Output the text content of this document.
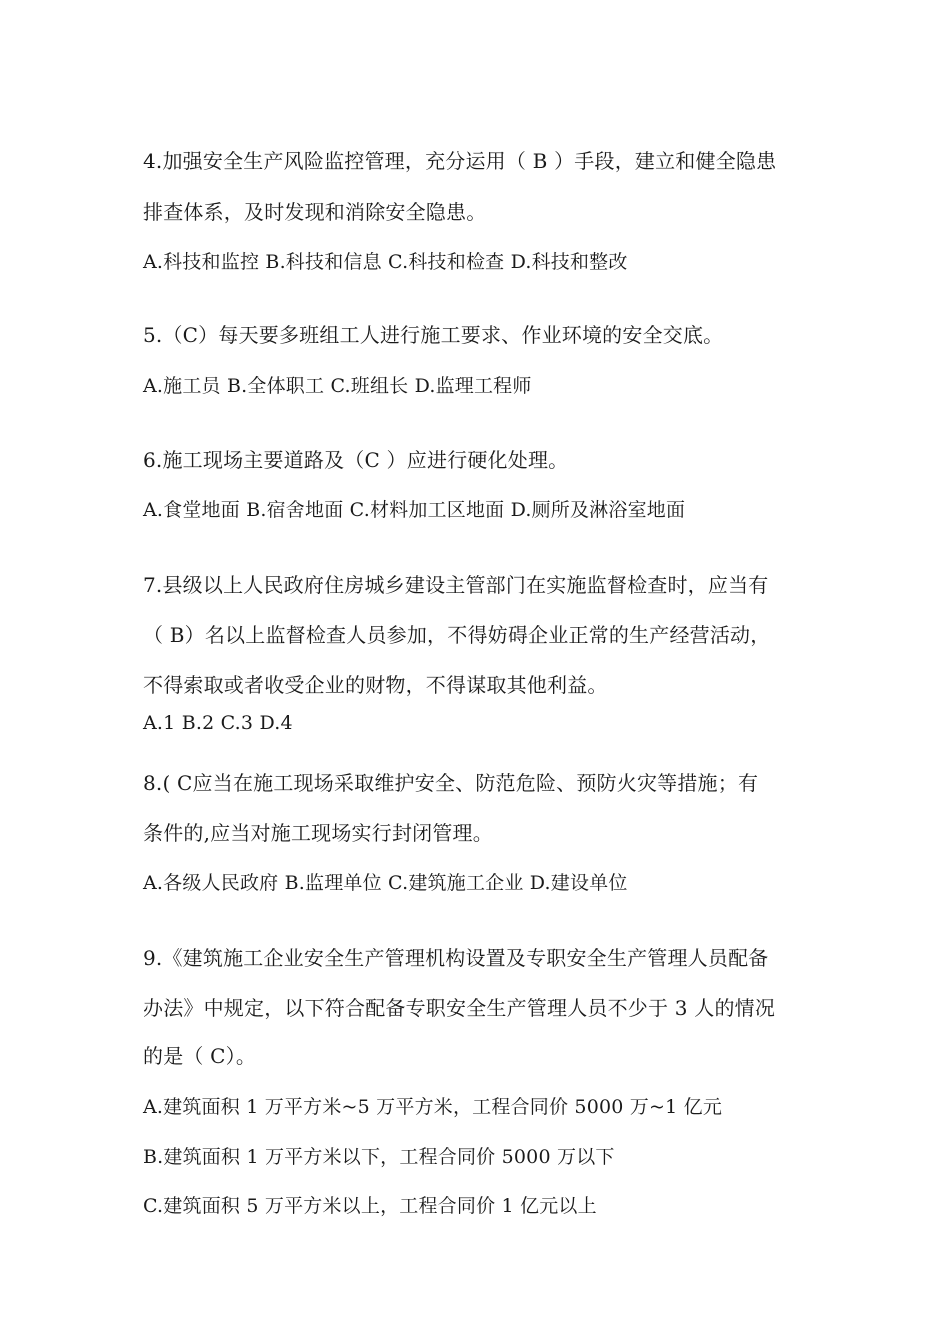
4.加强安全生产风险监控管理，充分运用（ B ）手段，建立和健全隐患
排查体系，及时发现和消除安全隐患。
A.科技和监控 B.科技和信息 C.科技和检查 D.科技和整改
5.（C）每天要多班组工人进行施工要求、作业环境的安全交底。
A.施工员 B.全体职工 C.班组长 D.监理工程师
6.施工现场主要道路及（C ）应进行硬化处理。
A.食堂地面 B.宿舍地面 C.材料加工区地面 D.厕所及淋浴室地面
7.县级以上人民政府住房城乡建设主管部门在实施监督检查时，应当有
（ B）名以上监督检查人员参加，不得妨碍企业正常的生产经营活动，
不得索取或者收受企业的财物，不得谋取其他利益。
A.1 B.2 C.3 D.4
8.( C应当在施工现场采取维护安全、防范危险、预防火灾等措施；有
条件的,应当对施工现场实行封闭管理。
A.各级人民政府 B.监理单位 C.建筑施工企业 D.建设单位
9.《建筑施工企业安全生产管理机构设置及专职安全生产管理人员配备
办法》中规定，以下符合配备专职安全生产管理人员不少于 3 人的情况
的是（ C）。
A.建筑面积 1 万平方米~5 万平方米，工程合同价 5000 万~1 亿元
B.建筑面积 1 万平方米以下，工程合同价 5000 万以下
C.建筑面积 5 万平方米以上，工程合同价 1 亿元以上
